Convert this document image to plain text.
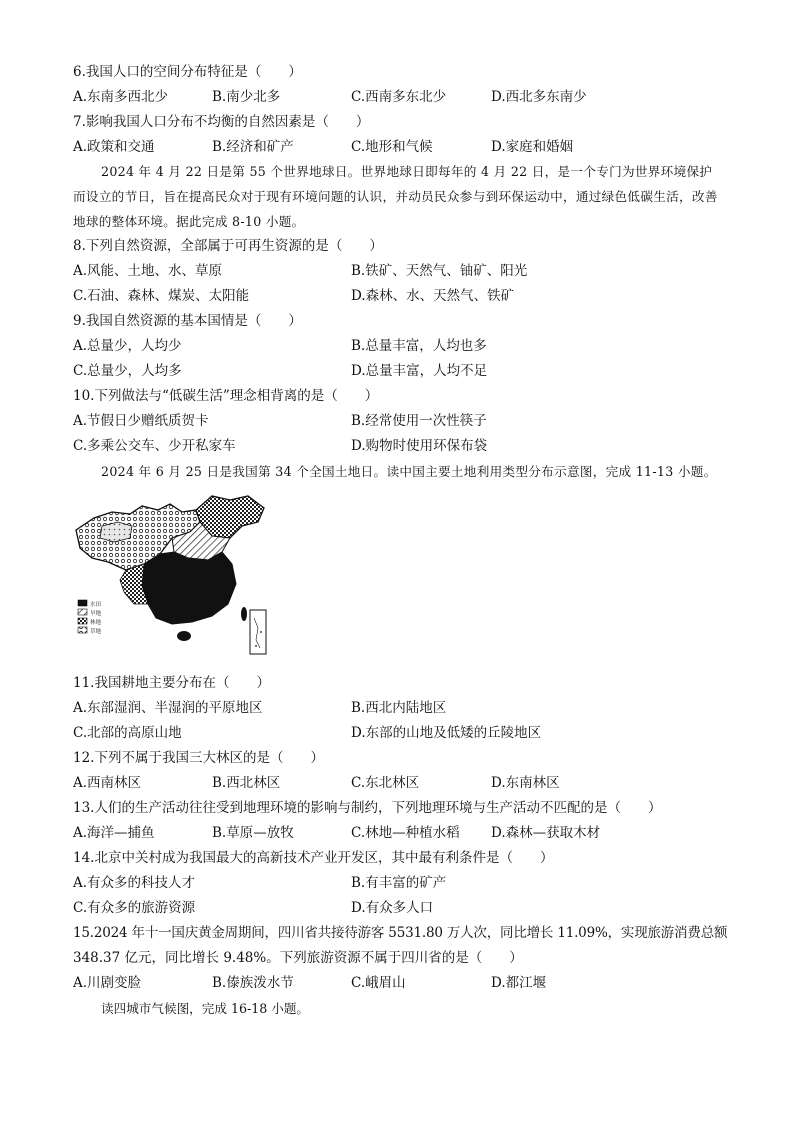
6.我国人口的空间分布特征是（　　）
A.东南多西北少	B.南少北多	C.西南多东北少	D.西北多东南少
7.影响我国人口分布不均衡的自然因素是（　　）
A.政策和交通	B.经济和矿产	C.地形和气候	D.家庭和婚姻
2024 年 4 月 22 日是第 55 个世界地球日。世界地球日即每年的 4 月 22 日，是一个专门为世界环境保护而设立的节日，旨在提高民众对于现有环境问题的认识，并动员民众参与到环保运动中，通过绿色低碳生活，改善地球的整体环境。据此完成 8-10 小题。
8.下列自然资源，全部属于可再生资源的是（　　）
A.风能、土地、水、草原	B.铁矿、天然气、铀矿、阳光
C.石油、森林、煤炭、太阳能	D.森林、水、天然气、铁矿
9.我国自然资源的基本国情是（　　）
A.总量少，人均少	B.总量丰富，人均也多
C.总量少，人均多	D.总量丰富，人均不足
10.下列做法与“低碳生活”理念相背离的是（　　）
A.节假日少赠纸质贺卡	B.经常使用一次性筷子
C.多乘公交车、少开私家车	D.购物时使用环保布袋
2024 年 6 月 25 日是我国第 34 个全国土地日。读中国主要土地利用类型分布示意图，完成 11-13 小题。
水田
旱地
林地
草地
11.我国耕地主要分布在（　　）
A.东部湿润、半湿润的平原地区	B.西北内陆地区
C.北部的高原山地	D.东部的山地及低矮的丘陵地区
12.下列不属于我国三大林区的是（　　）
A.西南林区	B.西北林区	C.东北林区	D.东南林区
13.人们的生产活动往往受到地理环境的影响与制约，下列地理环境与生产活动不匹配的是（　　）
A.海洋—捕鱼	B.草原—放牧	C.林地—种植水稻 D.森林—获取木材
14.北京中关村成为我国最大的高新技术产业开发区，其中最有利条件是（　　）
A.有众多的科技人才	B.有丰富的矿产
C.有众多的旅游资源	D.有众多人口
15.2024 年十一国庆黄金周期间，四川省共接待游客 5531.80 万人次，同比增长 11.09%，实现旅游消费总额
348.37 亿元，同比增长 9.48%。下列旅游资源不属于四川省的是（　　）
A.川剧变脸	B.傣族泼水节	C.峨眉山	D.都江堰
读四城市气候图，完成 16-18 小题。
